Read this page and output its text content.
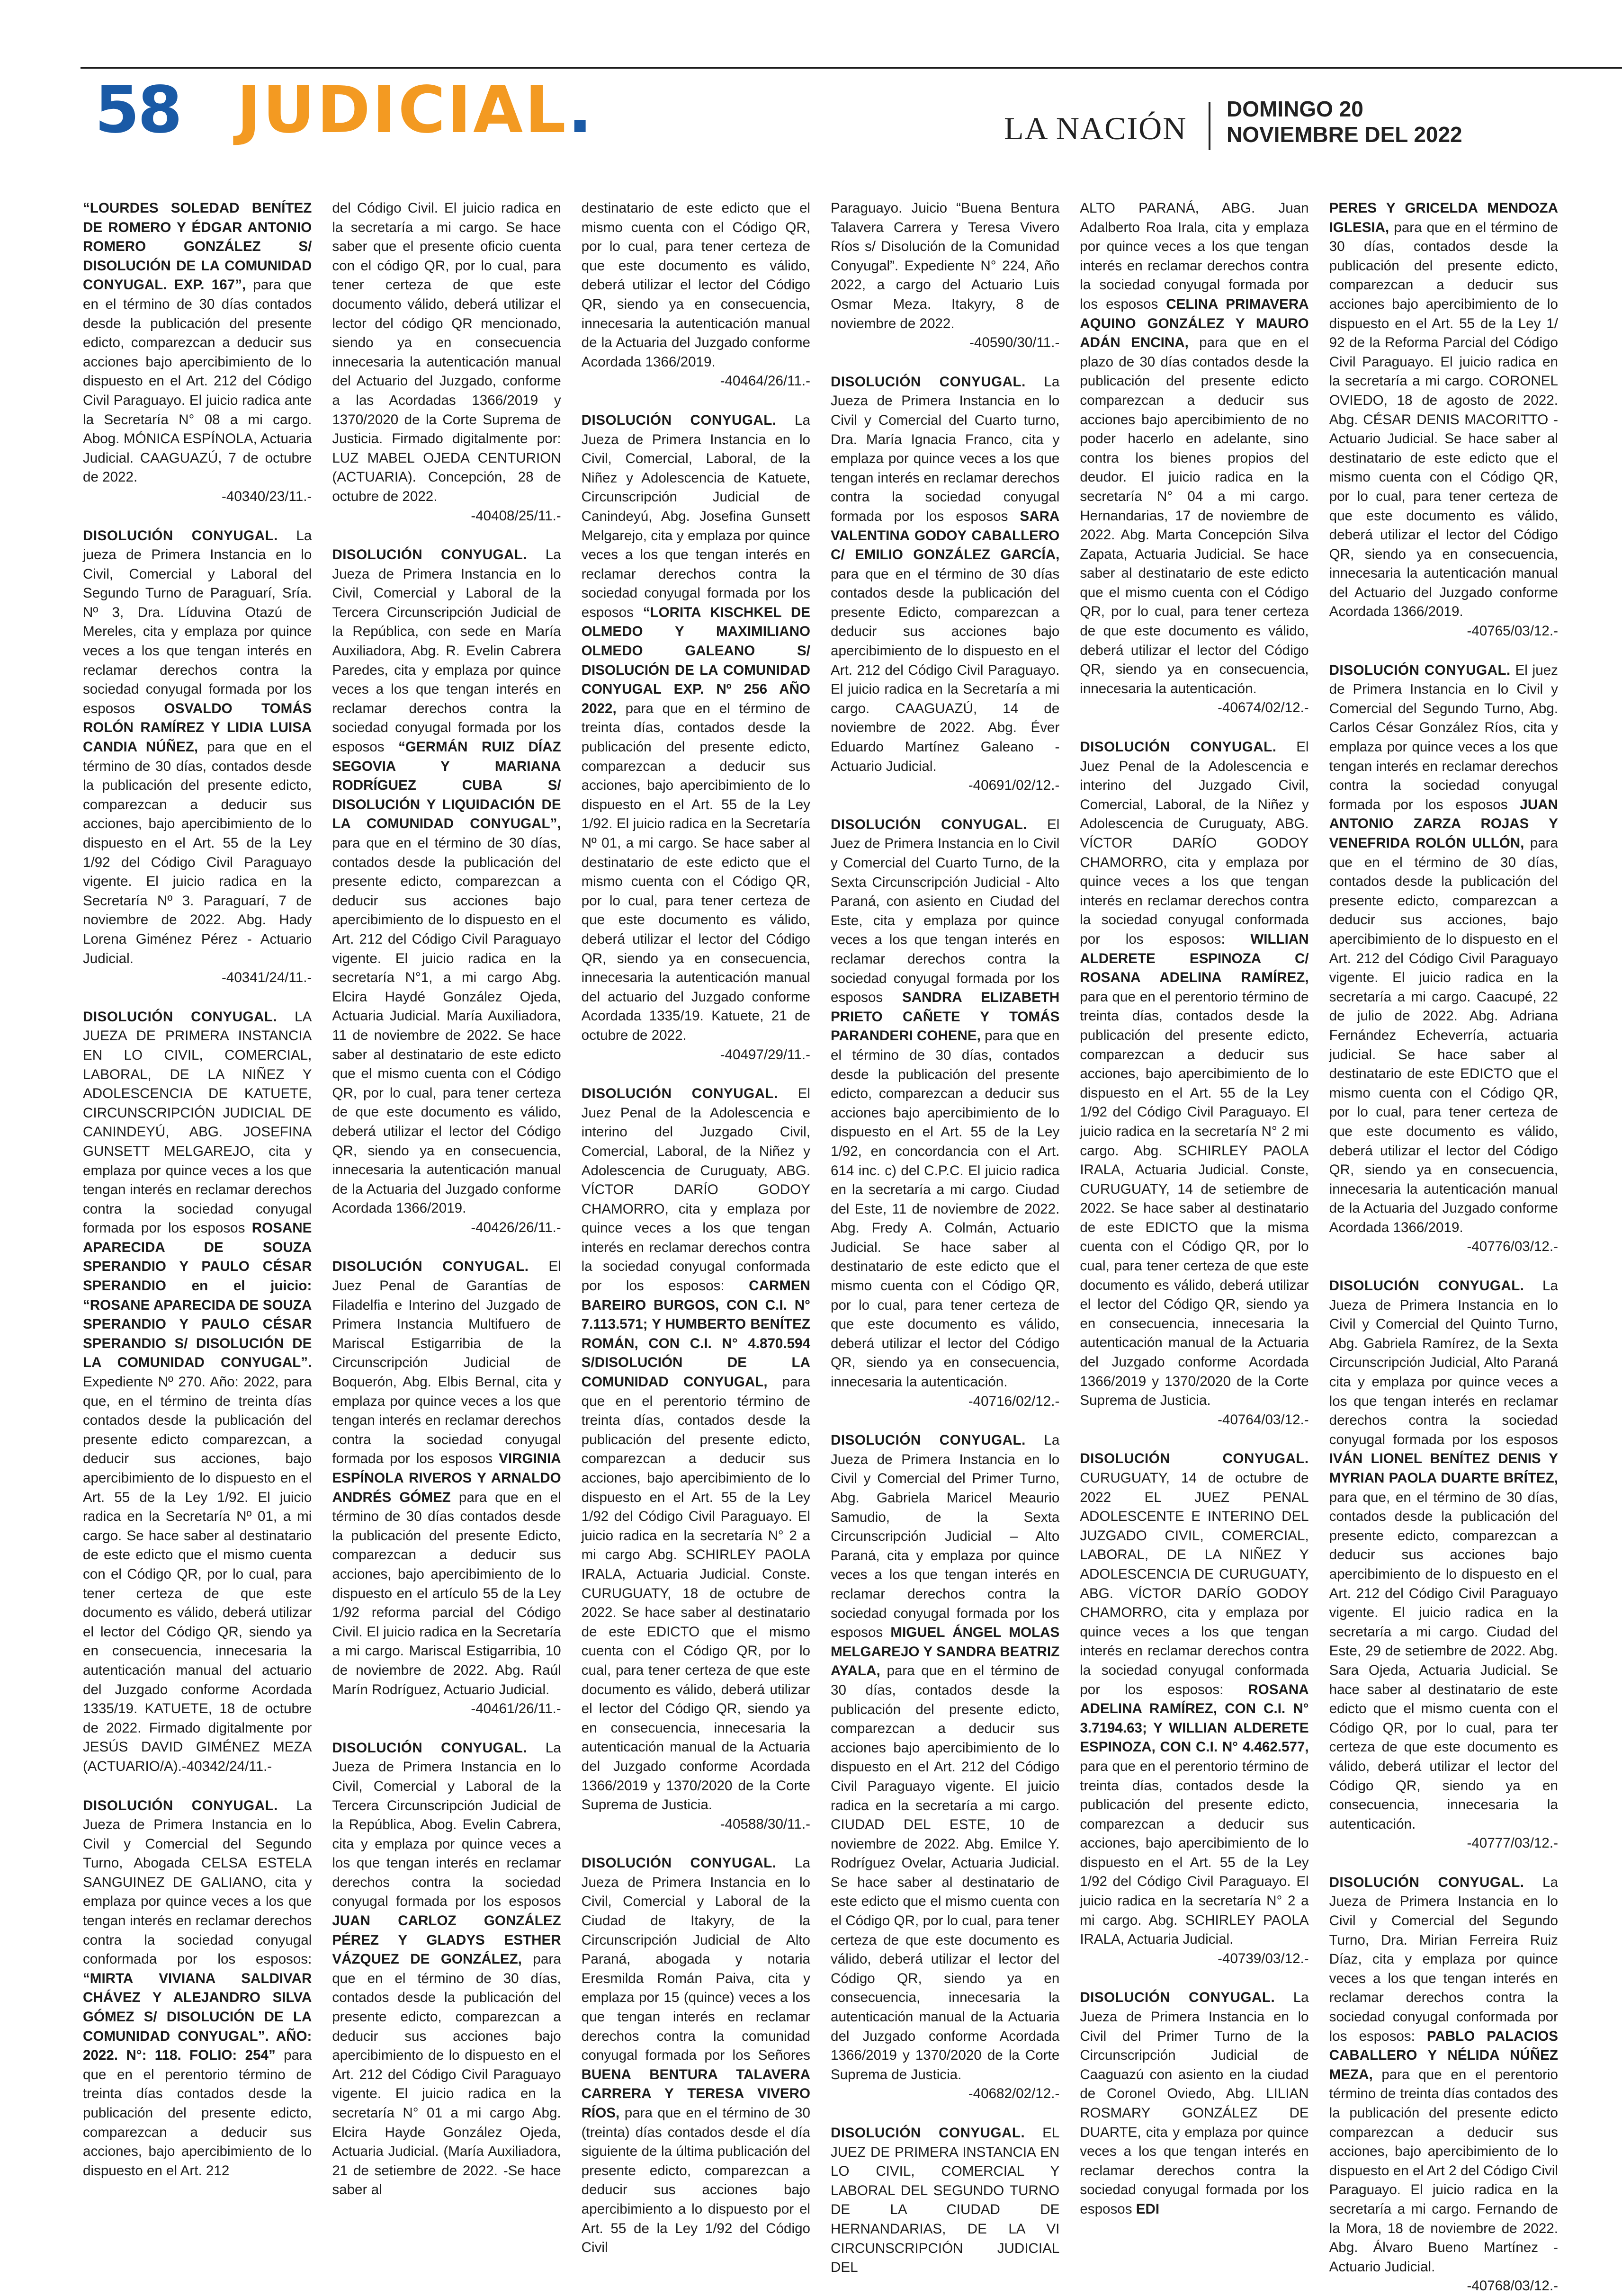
58 JUDICIAL.	LA NACIÓN
DOMINGO 20
NOVIEMBRE DEL 2022

“LOURDES SOLEDAD BENÍTEZ DE ROMERO Y ÉDGAR ANTONIO ROMERO GONZÁLEZ S/ DISOLUCIÓN DE LA COMUNIDAD CONYUGAL. EXP. 167”, para que en el término de 30 días contados desde la publicación del presente edicto, comparezcan a deducir sus acciones bajo apercibimiento de lo dispuesto en el Art. 212 del Código Civil Paraguayo. El juicio radica ante la Secretaría N° 08 a mi cargo. Abog. MÓNICA ESPÍNOLA, Actuaria Judicial. CAAGUAZÚ, 7 de octubre de 2022.
-40340/23/11.-

DISOLUCIÓN CONYUGAL. La jueza de Primera Instancia en lo Civil, Comercial y Laboral del Segundo Turno de Paraguarí, Sría. Nº 3, Dra. Líduvina Otazú de Mereles, cita y emplaza por quince veces a los que tengan interés en reclamar derechos contra la sociedad conyugal formada por los esposos OSVALDO TOMÁS ROLÓN RAMÍREZ Y LIDIA LUISA CANDIA NÚÑEZ, para que en el término de 30 días, contados desde la publicación del presente edicto, comparezcan a deducir sus acciones, bajo apercibimiento de lo dispuesto en el Art. 55 de la Ley 1/92 del Código Civil Paraguayo vigente. El juicio radica en la Secretaría Nº 3. Paraguarí, 7 de noviembre de 2022. Abg. Hady Lorena Giménez Pérez - Actuario Judicial.
-40341/24/11.-

DISOLUCIÓN CONYUGAL. LA JUEZA DE PRIMERA INSTANCIA EN LO CIVIL, COMERCIAL, LABORAL, DE LA NIÑEZ Y ADOLESCENCIA DE KATUETE, CIRCUNSCRIPCIÓN JUDICIAL DE CANINDEYÚ, ABG. JOSEFINA GUNSETT MELGAREJO, cita y emplaza por quince veces a los que tengan interés en reclamar derechos contra la sociedad conyugal formada por los esposos ROSANE APARECIDA DE SOUZA SPERANDIO Y PAULO CÉSAR SPERANDIO en el juicio: “ROSANE APARECIDA DE SOUZA SPERANDIO Y PAULO CÉSAR SPERANDIO S/ DISOLUCIÓN DE LA COMUNIDAD CONYUGAL”. Expediente Nº 270. Año: 2022, para que, en el término de treinta días contados desde la publicación del presente edicto comparezcan, a deducir sus acciones, bajo apercibimiento de lo dispuesto en el Art. 55 de la Ley 1/92. El juicio radica en la Secretaría Nº 01, a mi cargo. Se hace saber al destinatario de este edicto que el mismo cuenta con el Código QR, por lo cual, para tener certeza de que este documento es válido, deberá utilizar el lector del Código QR, siendo ya en consecuencia, innecesaria la autenticación manual del actuario del Juzgado conforme Acordada 1335/19. KATUETE, 18 de octubre de 2022. Firmado digitalmente por JESÚS DAVID GIMÉNEZ MEZA (ACTUARIO/A).-40342/24/11.-

DISOLUCIÓN CONYUGAL. La Jueza de Primera Instancia en lo Civil y Comercial del Segundo Turno, Abogada CELSA ESTELA SANGUINEZ DE GALIANO, cita y emplaza por quince veces a los que tengan interés en reclamar derechos contra la sociedad conyugal conformada por los esposos: “MIRTA VIVIANA SALDIVAR CHÁVEZ Y ALEJANDRO SILVA GÓMEZ S/ DISOLUCIÓN DE LA COMUNIDAD CONYUGAL”. AÑO: 2022. N°: 118. FOLIO: 254” para que en el perentorio término de treinta días contados desde la publicación del presente edicto, comparezcan a deducir sus acciones, bajo apercibimiento de lo dispuesto en el Art. 212

del Código Civil. El juicio radica en la secretaría a mi cargo. Se hace saber que el presente oficio cuenta con el código QR, por lo cual, para tener certeza de que este documento válido, deberá utilizar el lector del código QR mencionado, siendo ya en consecuencia innecesaria la autenticación manual del Actuario del Juzgado, conforme a las Acordadas 1366/2019 y 1370/2020 de la Corte Suprema de Justicia. Firmado digitalmente por: LUZ MABEL OJEDA CENTURION (ACTUARIA). Concepción, 28 de octubre de 2022.
-40408/25/11.-

DISOLUCIÓN CONYUGAL. La Jueza de Primera Instancia en lo Civil, Comercial y Laboral de la Tercera Circunscripción Judicial de la República, con sede en María Auxiliadora, Abg. R. Evelin Cabrera Paredes, cita y emplaza por quince veces a los que tengan interés en reclamar derechos contra la sociedad conyugal formada por los esposos “GERMÁN RUIZ DÍAZ SEGOVIA Y MARIANA RODRÍGUEZ CUBA S/ DISOLUCIÓN Y LIQUIDACIÓN DE LA COMUNIDAD CONYUGAL”, para que en el término de 30 días, contados desde la publicación del presente edicto, comparezcan a deducir sus acciones bajo apercibimiento de lo dispuesto en el Art. 212 del Código Civil Paraguayo vigente. El juicio radica en la secretaría N°1, a mi cargo Abg. Elcira Haydé González Ojeda, Actuaria Judicial. María Auxiliadora, 11 de noviembre de 2022. Se hace saber al destinatario de este edicto que el mismo cuenta con el Código QR, por lo cual, para tener certeza de que este documento es válido, deberá utilizar el lector del Código QR, siendo ya en consecuencia, innecesaria la autenticación manual de la Actuaria del Juzgado conforme Acordada 1366/2019.
-40426/26/11.-

DISOLUCIÓN CONYUGAL. El Juez Penal de Garantías de Filadelfia e Interino del Juzgado de Primera Instancia Multifuero de Mariscal Estigarribia de la Circunscripción Judicial de Boquerón, Abg. Elbis Bernal, cita y emplaza por quince veces a los que tengan interés en reclamar derechos contra la sociedad conyugal formada por los esposos VIRGINIA ESPÍNOLA RIVEROS Y ARNALDO ANDRÉS GÓMEZ para que en el término de 30 días contados desde la publicación del presente Edicto, comparezcan a deducir sus acciones, bajo apercibimiento de lo dispuesto en el artículo 55 de la Ley 1/92 reforma parcial del Código Civil. El juicio radica en la Secretaría a mi cargo. Mariscal Estigarribia, 10 de noviembre de 2022. Abg. Raúl Marín Rodríguez, Actuario Judicial.
-40461/26/11.-

DISOLUCIÓN CONYUGAL. La Jueza de Primera Instancia en lo Civil, Comercial y Laboral de la Tercera Circunscripción Judicial de la República, Abog. Evelin Cabrera, cita y emplaza por quince veces a los que tengan interés en reclamar derechos contra la sociedad conyugal formada por los esposos JUAN CARLOZ GONZÁLEZ PÉREZ Y GLADYS ESTHER VÁZQUEZ DE GONZÁLEZ, para que en el término de 30 días, contados desde la publicación del presente edicto, comparezcan a deducir sus acciones bajo apercibimiento de lo dispuesto en el Art. 212 del Código Civil Paraguayo vigente. El juicio radica en la secretaría N° 01 a mi cargo Abg. Elcira Hayde González Ojeda, Actuaria Judicial. (María Auxiliadora, 21 de setiembre de 2022. -Se hace saber al

destinatario de este edicto que el mismo cuenta con el Código QR, por lo cual, para tener certeza de que este documento es válido, deberá utilizar el lector del Código QR, siendo ya en consecuencia, innecesaria la autenticación manual de la Actuaria del Juzgado conforme Acordada 1366/2019.
-40464/26/11.-

DISOLUCIÓN CONYUGAL. La Jueza de Primera Instancia en lo Civil, Comercial, Laboral, de la Niñez y Adolescencia de Katuete, Circunscripción Judicial de Canindeyú, Abg. Josefina Gunsett Melgarejo, cita y emplaza por quince veces a los que tengan interés en reclamar derechos contra la sociedad conyugal formada por los esposos “LORITA KISCHKEL DE OLMEDO Y MAXIMILIANO OLMEDO GALEANO S/ DISOLUCIÓN DE LA COMUNIDAD CONYUGAL EXP. Nº 256 AÑO 2022, para que en el término de treinta días, contados desde la publicación del presente edicto, comparezcan a deducir sus acciones, bajo apercibimiento de lo dispuesto en el Art. 55 de la Ley 1/92. El juicio radica en la Secretaría Nº 01, a mi cargo. Se hace saber al destinatario de este edicto que el mismo cuenta con el Código QR, por lo cual, para tener certeza de que este documento es válido, deberá utilizar el lector del Código QR, siendo ya en consecuencia, innecesaria la autenticación manual del actuario del Juzgado conforme Acordada 1335/19. Katuete, 21 de octubre de 2022.
-40497/29/11.-

DISOLUCIÓN CONYUGAL. El Juez Penal de la Adolescencia e interino del Juzgado Civil, Comercial, Laboral, de la Niñez y Adolescencia de Curuguaty, ABG. VÍCTOR DARÍO GODOY CHAMORRO, cita y emplaza por quince veces a los que tengan interés en reclamar derechos contra la sociedad conyugal conformada por los esposos: CARMEN BAREIRO BURGOS, CON C.I. N° 7.113.571; Y HUMBERTO BENÍTEZ ROMÁN, CON C.I. N° 4.870.594 S/DISOLUCIÓN DE LA COMUNIDAD CONYUGAL, para que en el perentorio término de treinta días, contados desde la publicación del presente edicto, comparezcan a deducir sus acciones, bajo apercibimiento de lo dispuesto en el Art. 55 de la Ley 1/92 del Código Civil Paraguayo. El juicio radica en la secretaría N° 2 a mi cargo Abg. SCHIRLEY PAOLA IRALA, Actuaria Judicial. Conste. CURUGUATY, 18 de octubre de 2022. Se hace saber al destinatario de este EDICTO que el mismo cuenta con el Código QR, por lo cual, para tener certeza de que este documento es válido, deberá utilizar el lector del Código QR, siendo ya en consecuencia, innecesaria la autenticación manual de la Actuaria del Juzgado conforme Acordada 1366/2019 y 1370/2020 de la Corte Suprema de Justicia.
-40588/30/11.-

DISOLUCIÓN CONYUGAL. La Jueza de Primera Instancia en lo Civil, Comercial y Laboral de la Ciudad de Itakyry, de la Circunscripción Judicial de Alto Paraná, abogada y notaria Eresmilda Román Paiva, cita y emplaza por 15 (quince) veces a los que tengan interés en reclamar derechos contra la comunidad conyugal formada por los Señores BUENA BENTURA TALAVERA CARRERA Y TERESA VIVERO RÍOS, para que en el término de 30 (treinta) días contados desde el día siguiente de la última publicación del presente edicto, comparezcan a deducir sus acciones bajo apercibimiento a lo dispuesto por el Art. 55 de la Ley 1/92 del Código Civil

Paraguayo. Juicio “Buena Bentura Talavera Carrera y Teresa Vivero Ríos s/ Disolución de la Comunidad Conyugal”. Expediente N° 224, Año 2022, a cargo del Actuario Luis Osmar Meza. Itakyry, 8 de noviembre de 2022.
-40590/30/11.-

DISOLUCIÓN CONYUGAL. La Jueza de Primera Instancia en lo Civil y Comercial del Cuarto turno, Dra. María Ignacia Franco, cita y emplaza por quince veces a los que tengan interés en reclamar derechos contra la sociedad conyugal formada por los esposos SARA VALENTINA GODOY CABALLERO C/ EMILIO GONZÁLEZ GARCÍA, para que en el término de 30 días contados desde la publicación del presente Edicto, comparezcan a deducir sus acciones bajo apercibimiento de lo dispuesto en el Art. 212 del Código Civil Paraguayo. El juicio radica en la Secretaría a mi cargo. CAAGUAZÚ, 14 de noviembre de 2022. Abg. Éver Eduardo Martínez Galeano - Actuario Judicial.
-40691/02/12.-

DISOLUCIÓN CONYUGAL. El Juez de Primera Instancia en lo Civil y Comercial del Cuarto Turno, de la Sexta Circunscripción Judicial - Alto Paraná, con asiento en Ciudad del Este, cita y emplaza por quince veces a los que tengan interés en reclamar derechos contra la sociedad conyugal formada por los esposos SANDRA ELIZABETH PRIETO CAÑETE Y TOMÁS PARANDERI COHENE, para que en el término de 30 días, contados desde la publicación del presente edicto, comparezcan a deducir sus acciones bajo apercibimiento de lo dispuesto en el Art. 55 de la Ley 1/92, en concordancia con el Art. 614 inc. c) del C.P.C. El juicio radica en la secretaría a mi cargo. Ciudad del Este, 11 de noviembre de 2022. Abg. Fredy A. Colmán, Actuario Judicial. Se hace saber al destinatario de este edicto que el mismo cuenta con el Código QR, por lo cual, para tener certeza de que este documento es válido, deberá utilizar el lector del Código QR, siendo ya en consecuencia, innecesaria la autenticación.
-40716/02/12.-

DISOLUCIÓN CONYUGAL. La Jueza de Primera Instancia en lo Civil y Comercial del Primer Turno, Abg. Gabriela Maricel Meaurio Samudio, de la Sexta Circunscripción Judicial – Alto Paraná, cita y emplaza por quince veces a los que tengan interés en reclamar derechos contra la sociedad conyugal formada por los esposos MIGUEL ÁNGEL MOLAS MELGAREJO Y SANDRA BEATRIZ AYALA, para que en el término de 30 días, contados desde la publicación del presente edicto, comparezcan a deducir sus acciones bajo apercibimiento de lo dispuesto en el Art. 212 del Código Civil Paraguayo vigente. El juicio radica en la secretaría a mi cargo. CIUDAD DEL ESTE, 10 de noviembre de 2022. Abg. Emilce Y. Rodríguez Ovelar, Actuaria Judicial. Se hace saber al destinatario de este edicto que el mismo cuenta con el Código QR, por lo cual, para tener certeza de que este documento es válido, deberá utilizar el lector del Código QR, siendo ya en consecuencia, innecesaria la autenticación manual de la Actuaria del Juzgado conforme Acordada 1366/2019 y 1370/2020 de la Corte Suprema de Justicia.
-40682/02/12.-

DISOLUCIÓN CONYUGAL. EL JUEZ DE PRIMERA INSTANCIA EN LO CIVIL, COMERCIAL Y LABORAL DEL SEGUNDO TURNO DE LA CIUDAD DE HERNANDARIAS, DE LA VI CIRCUNSCRIPCIÓN JUDICIAL DEL

ALTO PARANÁ, ABG. Juan Adalberto Roa Irala, cita y emplaza por quince veces a los que tengan interés en reclamar derechos contra la sociedad conyugal formada por los esposos CELINA PRIMAVERA AQUINO GONZÁLEZ Y MAURO ADÁN ENCINA, para que en el plazo de 30 días contados desde la publicación del presente edicto comparezcan a deducir sus acciones bajo apercibimiento de no poder hacerlo en adelante, sino contra los bienes propios del deudor. El juicio radica en la secretaría N° 04 a mi cargo. Hernandarias, 17 de noviembre de 2022. Abg. Marta Concepción Silva Zapata, Actuaria Judicial. Se hace saber al destinatario de este edicto que el mismo cuenta con el Código QR, por lo cual, para tener certeza de que este documento es válido, deberá utilizar el lector del Código QR, siendo ya en consecuencia, innecesaria la autenticación.
-40674/02/12.-

DISOLUCIÓN CONYUGAL. El Juez Penal de la Adolescencia e interino del Juzgado Civil, Comercial, Laboral, de la Niñez y Adolescencia de Curuguaty, ABG. VÍCTOR DARÍO GODOY CHAMORRO, cita y emplaza por quince veces a los que tengan interés en reclamar derechos contra la sociedad conyugal conformada por los esposos: WILLIAN ALDERETE ESPINOZA C/ ROSANA ADELINA RAMÍREZ, para que en el perentorio término de treinta días, contados desde la publicación del presente edicto, comparezcan a deducir sus acciones, bajo apercibimiento de lo dispuesto en el Art. 55 de la Ley 1/92 del Código Civil Paraguayo. El juicio radica en la secretaría N° 2 mi cargo. Abg. SCHIRLEY PAOLA IRALA, Actuaria Judicial. Conste, CURUGUATY, 14 de setiembre de 2022. Se hace saber al destinatario de este EDICTO que la misma cuenta con el Código QR, por lo cual, para tener certeza de que este documento es válido, deberá utilizar el lector del Código QR, siendo ya en consecuencia, innecesaria la autenticación manual de la Actuaria del Juzgado conforme Acordada 1366/2019 y 1370/2020 de la Corte Suprema de Justicia.
-40764/03/12.-

DISOLUCIÓN CONYUGAL. CURUGUATY, 14 de octubre de 2022 EL JUEZ PENAL ADOLESCENTE E INTERINO DEL JUZGADO CIVIL, COMERCIAL, LABORAL, DE LA NIÑEZ Y ADOLESCENCIA DE CURUGUATY, ABG. VÍCTOR DARÍO GODOY CHAMORRO, cita y emplaza por quince veces a los que tengan interés en reclamar derechos contra la sociedad conyugal conformada por los esposos: ROSANA ADELINA RAMÍREZ, CON C.I. N° 3.7194.63; Y WILLIAN ALDERETE ESPINOZA, CON C.I. N° 4.462.577, para que en el perentorio término de treinta días, contados desde la publicación del presente edicto, comparezcan a deducir sus acciones, bajo apercibimiento de lo dispuesto en el Art. 55 de la Ley 1/92 del Código Civil Paraguayo. El juicio radica en la secretaría N° 2 a mi cargo. Abg. SCHIRLEY PAOLA IRALA, Actuaria Judicial.
-40739/03/12.-

DISOLUCIÓN CONYUGAL. La Jueza de Primera Instancia en lo Civil del Primer Turno de la Circunscripción Judicial de Caaguazú con asiento en la ciudad de Coronel Oviedo, Abg. LILIAN ROSMARY GONZÁLEZ DE DUARTE, cita y emplaza por quince veces a los que tengan interés en reclamar derechos contra la sociedad conyugal formada por los esposos EDI

PERES Y GRICELDA MENDOZA IGLESIA, para que en el término de 30 días, contados desde la publicación del presente edicto, comparezcan a deducir sus acciones bajo apercibimiento de lo dispuesto en el Art. 55 de la Ley 1/ 92 de la Reforma Parcial del Código Civil Paraguayo. El juicio radica en la secretaría a mi cargo. CORONEL OVIEDO, 18 de agosto de 2022. Abg. CÉSAR DENIS MACORITTO - Actuario Judicial. Se hace saber al destinatario de este edicto que el mismo cuenta con el Código QR, por lo cual, para tener certeza de que este documento es válido, deberá utilizar el lector del Código QR, siendo ya en consecuencia, innecesaria la autenticación manual del Actuario del Juzgado conforme Acordada 1366/2019.
-40765/03/12.-

DISOLUCIÓN CONYUGAL. El juez de Primera Instancia en lo Civil y Comercial del Segundo Turno, Abg. Carlos César González Ríos, cita y emplaza por quince veces a los que tengan interés en reclamar derechos contra la sociedad conyugal formada por los esposos JUAN ANTONIO ZARZA ROJAS Y VENEFRIDA ROLÓN ULLÓN, para que en el término de 30 días, contados desde la publicación del presente edicto, comparezcan a deducir sus acciones, bajo apercibimiento de lo dispuesto en el Art. 212 del Código Civil Paraguayo vigente. El juicio radica en la secretaría a mi cargo. Caacupé, 22 de julio de 2022. Abg. Adriana Fernández Echeverría, actuaria judicial. Se hace saber al destinatario de este EDICTO que el mismo cuenta con el Código QR, por lo cual, para tener certeza de que este documento es válido, deberá utilizar el lector del Código QR, siendo ya en consecuencia, innecesaria la autenticación manual de la Actuaria del Juzgado conforme Acordada 1366/2019.
-40776/03/12.-

DISOLUCIÓN CONYUGAL. La Jueza de Primera Instancia en lo Civil y Comercial del Quinto Turno, Abg. Gabriela Ramírez, de la Sexta Circunscripción Judicial, Alto Paraná cita y emplaza por quince veces a los que tengan interés en reclamar derechos contra la sociedad conyugal formada por los esposos IVÁN LIONEL BENÍTEZ DENIS Y MYRIAN PAOLA DUARTE BRÍTEZ, para que, en el término de 30 días, contados desde la publicación del presente edicto, comparezcan a deducir sus acciones bajo apercibimiento de lo dispuesto en el Art. 212 del Código Civil Paraguayo vigente. El juicio radica en la secretaría a mi cargo. Ciudad del Este, 29 de setiembre de 2022. Abg. Sara Ojeda, Actuaria Judicial. Se hace saber al destinatario de este edicto que el mismo cuenta con el Código QR, por lo cual, para ter certeza de que este documento es válido, deberá utilizar el lector del Código QR, siendo ya en consecuencia, innecesaria la autenticación.
-40777/03/12.-

DISOLUCIÓN CONYUGAL. La Jueza de Primera Instancia en lo Civil y Comercial del Segundo Turno, Dra. Mirian Ferreira Ruiz Díaz, cita y emplaza por quince veces a los que tengan interés en reclamar derechos contra la sociedad conyugal conformada por los esposos: PABLO PALACIOS CABALLERO Y NÉLIDA NÚÑEZ MEZA, para que en el perentorio término de treinta días contados des la publicación del presente edicto comparezcan a deducir sus acciones, bajo apercibimiento de lo dispuesto en el Art 2 del Código Civil Paraguayo. El juicio radica en la secretaría a mi cargo. Fernando de la Mora, 18 de noviembre de 2022. Abg. Álvaro Bueno Martínez - Actuario Judicial.
-40768/03/12.-
